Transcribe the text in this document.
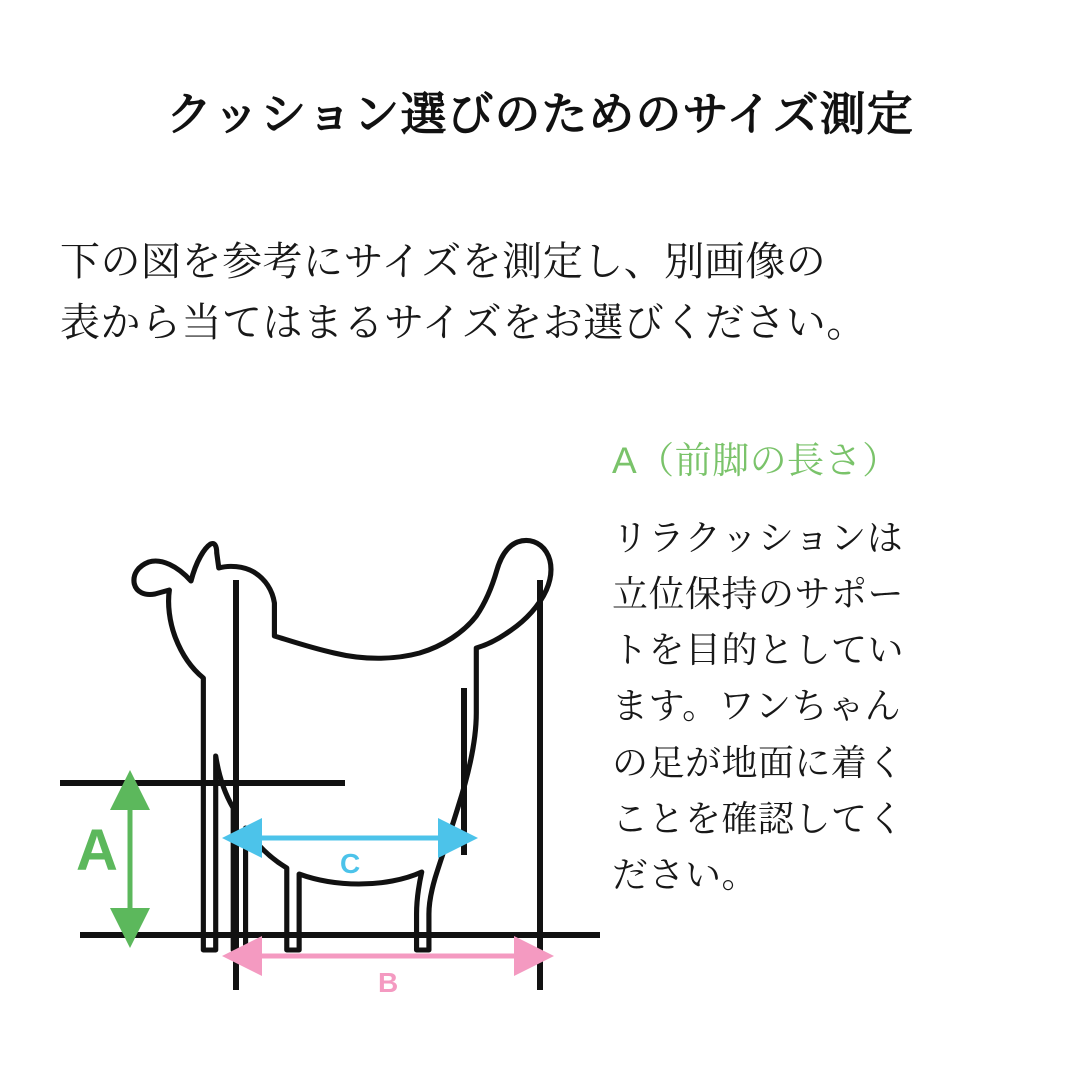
クッション選びのためのサイズ測定
下の図を参考にサイズを測定し、別画像の
表から当てはまるサイズをお選びください。
A（前脚の長さ）
リラクッションは
立位保持のサポー
トを目的としてい
ます。ワンちゃん
の足が地面に着く
ことを確認してく
ださい。
A	C
B
